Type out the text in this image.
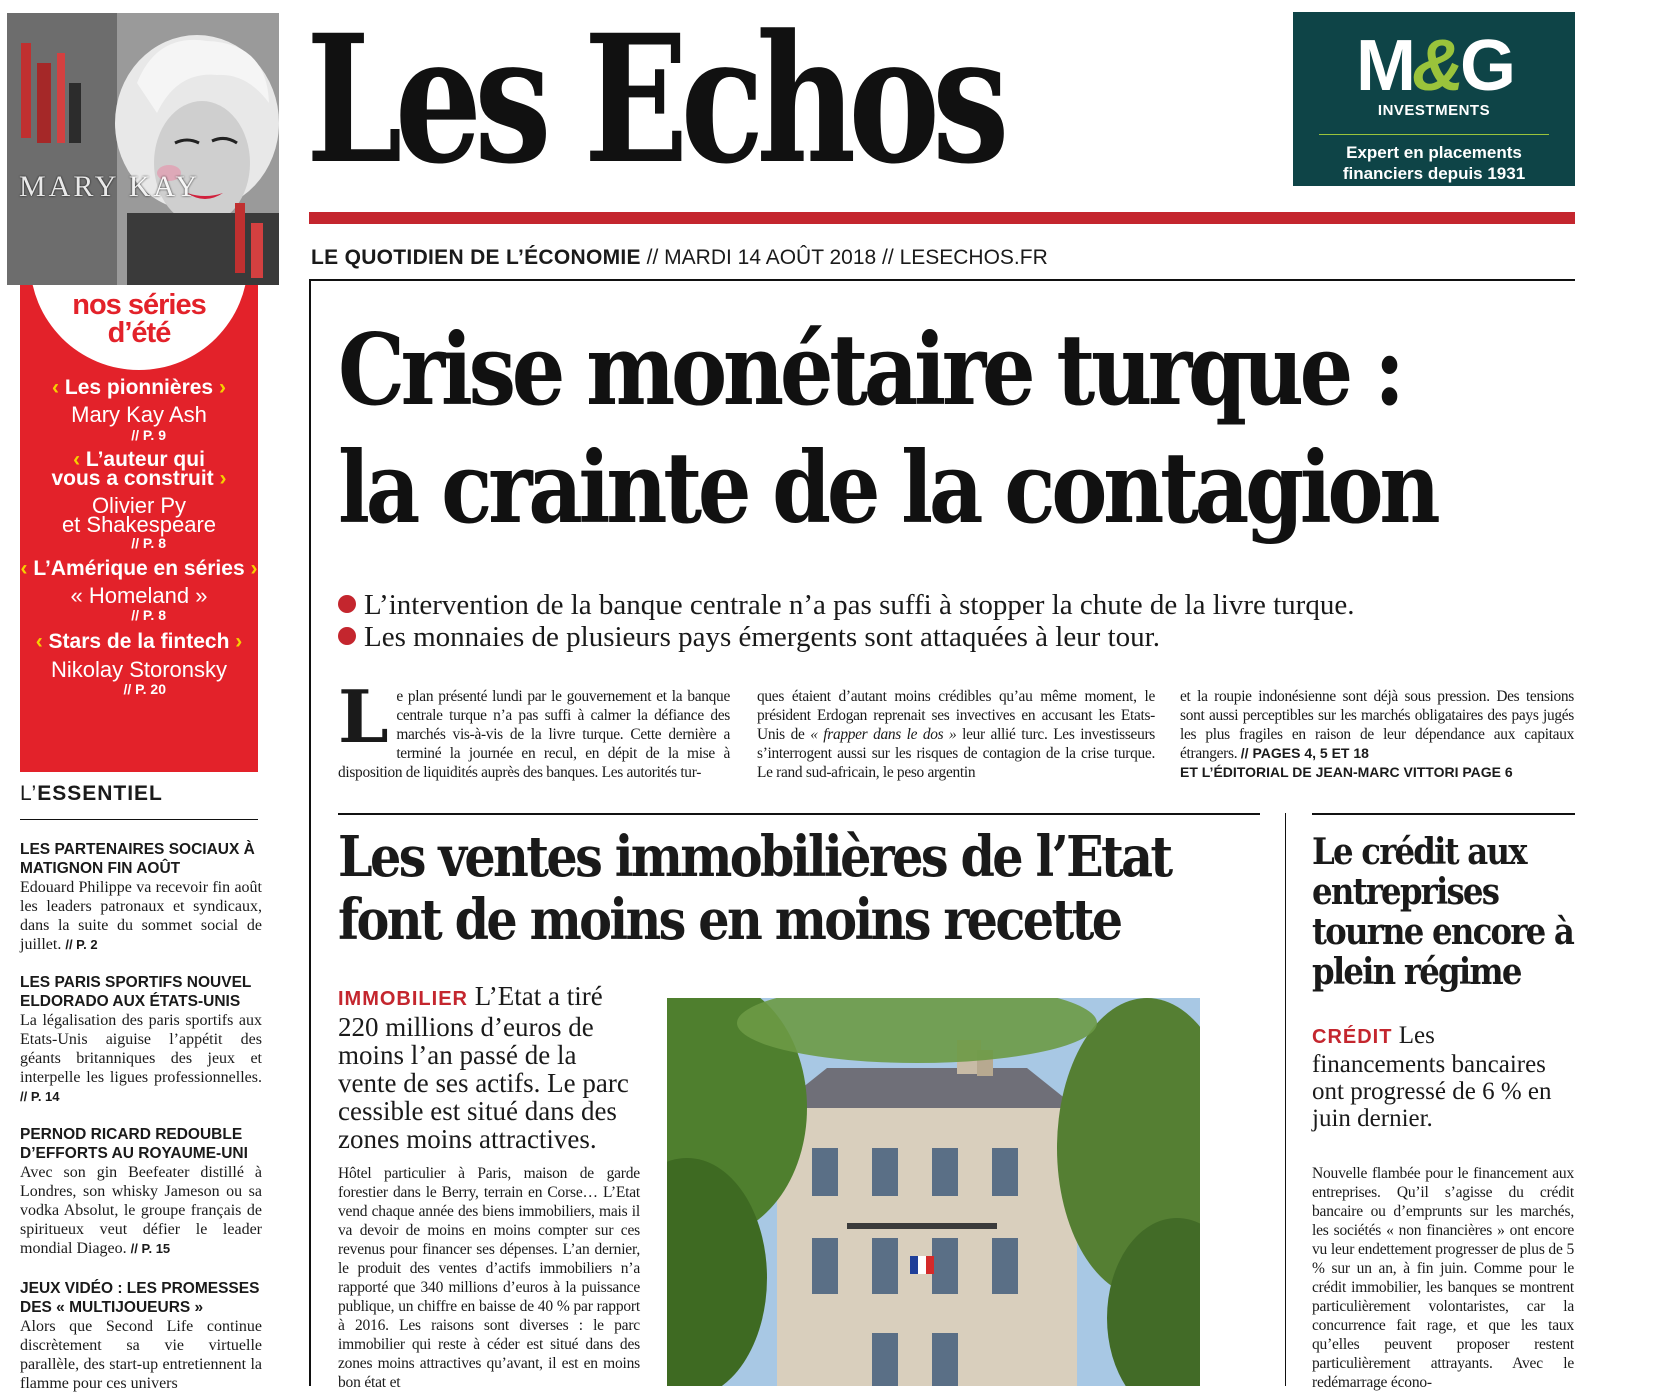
MARY KAY Les Echos	M&G
INVESTMENTS
Expert en placements
financiers depuis 1931
LE QUOTIDIEN DE L’ÉCONOMIE // MARDI 14 AOÛT 2018 // LESECHOS.FR
nos séries
d’été
‹ Les pionnières ›
Mary Kay Ash
// P. 9
‹ L’auteur qui
vous a construit ›
Olivier Py
et Shakespeare
// P. 8
‹ L’Amérique en séries ›
« Homeland »
// P. 8
‹ Stars de la fintech ›
Nikolay Storonsky
// P. 20
L’ESSENTIEL
LES PARTENAIRES SOCIAUX À MATIGNON FIN AOÛT
Edouard Philippe va recevoir fin août les leaders patronaux et syndicaux, dans la suite du sommet social de juillet. // P. 2
LES PARIS SPORTIFS NOUVEL ELDORADO AUX ÉTATS-UNIS
La légalisation des paris sportifs aux Etats-Unis aiguise l’appétit des géants britanniques des jeux et interpelle les ligues professionnelles. // P. 14
PERNOD RICARD REDOUBLE D’EFFORTS AU ROYAUME-UNI
Avec son gin Beefeater distillé à Londres, son whisky Jameson ou sa vodka Absolut, le groupe français de spiritueux veut défier le leader mondial Diageo. // P. 15
JEUX VIDÉO : LES PROMESSES DES « MULTIJOUEURS »
Alors que Second Life continue discrètement sa vie virtuelle parallèle, des start-up entretiennent la flamme pour ces univers
Crise monétaire turque :
la crainte de la contagion
L’intervention de la banque centrale n’a pas suffi à stopper la chute de la livre turque.
Les monnaies de plusieurs pays émergents sont attaquées à leur tour.
Le plan présenté lundi par le gouvernement et la banque centrale turque n’a pas suffi à calmer la défiance des marchés vis-à-vis de la livre turque. Cette dernière a terminé la journée en recul, en dépit de la mise à disposition de liquidités auprès des banques. Les autorités tur-
ques étaient d’autant moins crédibles qu’au même moment, le président Erdogan reprenait ses invectives en accusant les Etats-Unis de « frapper dans le dos » leur allié turc. Les investisseurs s’interrogent aussi sur les risques de contagion de la crise turque. Le rand sud-africain, le peso argentin
et la roupie indonésienne sont déjà sous pression. Des tensions sont aussi perceptibles sur les marchés obligataires des pays jugés les plus fragiles en raison de leur dépendance aux capitaux étrangers. // PAGES 4, 5 ET 18
ET L’ÉDITORIAL DE JEAN-MARC VITTORI PAGE 6
Les ventes immobilières de l’Etat
font de moins en moins recette
IMMOBILIER L’Etat a tiré 220 millions d’euros de moins l’an passé de la vente de ses actifs. Le parc cessible est situé dans des zones moins attractives.
Hôtel particulier à Paris, maison de garde forestier dans le Berry, terrain en Corse… L’Etat vend chaque année des biens immobiliers, mais il va devoir de moins en moins compter sur ces revenus pour financer ses dépenses. L’an dernier, le produit des ventes d’actifs immobiliers n’a rapporté que 340 millions d’euros à la puissance publique, un chiffre en baisse de 40 % par rapport à 2016. Les raisons sont diverses : le parc immobilier qui reste à céder est situé dans des zones moins attractives qu’avant, il est en moins bon état et
Le crédit aux entreprises tourne encore à plein régime
CRÉDIT Les financements bancaires ont progressé de 6 % en juin dernier.
Nouvelle flambée pour le financement aux entreprises. Qu’il s’agisse du crédit bancaire ou d’emprunts sur les marchés, les sociétés « non financières » ont encore vu leur endettement progresser de plus de 5 % sur un an, à fin juin. Comme pour le crédit immobilier, les banques se montrent particulièrement volontaristes, car la concurrence fait rage, et que les taux qu’elles peuvent proposer restent particulièrement attrayants. Avec le redémarrage écono-
